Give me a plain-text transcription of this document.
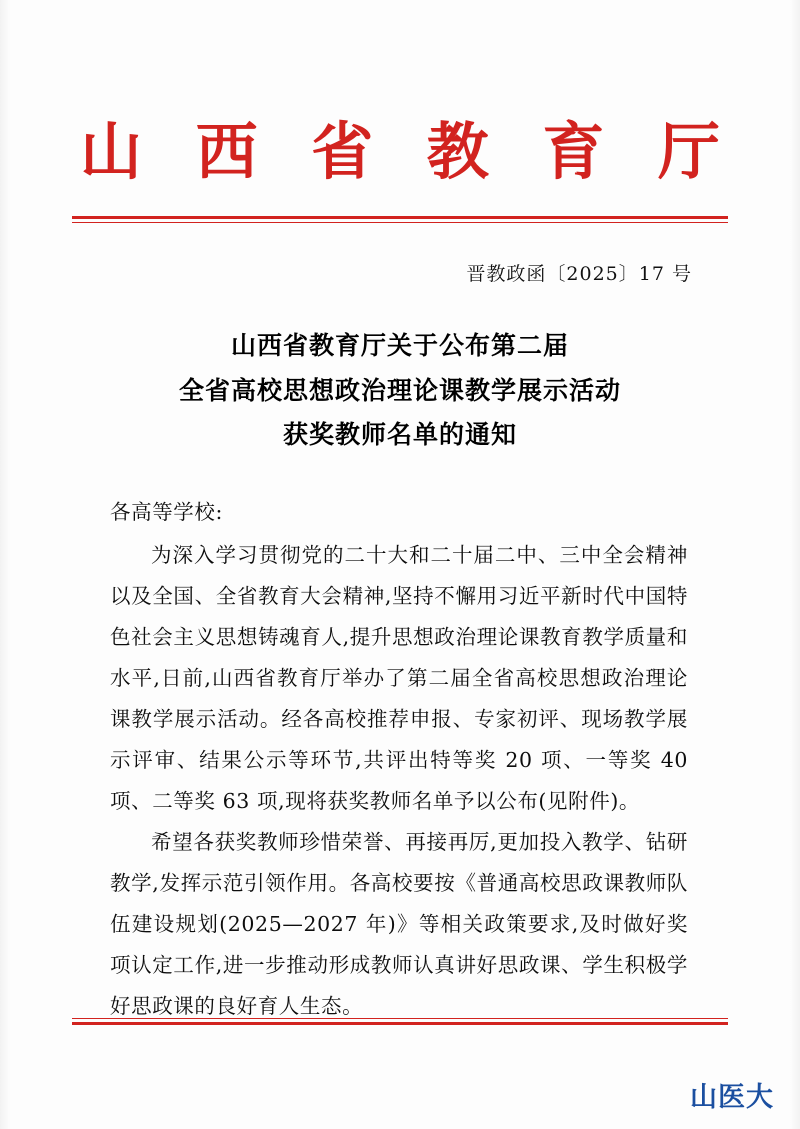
山 西 省 教 育 厅
晋教政函〔2025〕17 号
山西省教育厅关于公布第二届
全省高校思想政治理论课教学展示活动
获奖教师名单的通知
各高等学校:
为深入学习贯彻党的二十大和二十届二中、三中全会精神以及全国、全省教育大会精神,坚持不懈用习近平新时代中国特色社会主义思想铸魂育人,提升思想政治理论课教育教学质量和水平,日前,山西省教育厅举办了第二届全省高校思想政治理论课教学展示活动。经各高校推荐申报、专家初评、现场教学展示评审、结果公示等环节,共评出特等奖 20 项、一等奖 40 项、二等奖 63 项,现将获奖教师名单予以公布(见附件)。
希望各获奖教师珍惜荣誉、再接再厉,更加投入教学、钻研教学,发挥示范引领作用。各高校要按《普通高校思政课教师队伍建设规划(2025—2027 年)》等相关政策要求,及时做好奖项认定工作,进一步推动形成教师认真讲好思政课、学生积极学好思政课的良好育人生态。
山医大
